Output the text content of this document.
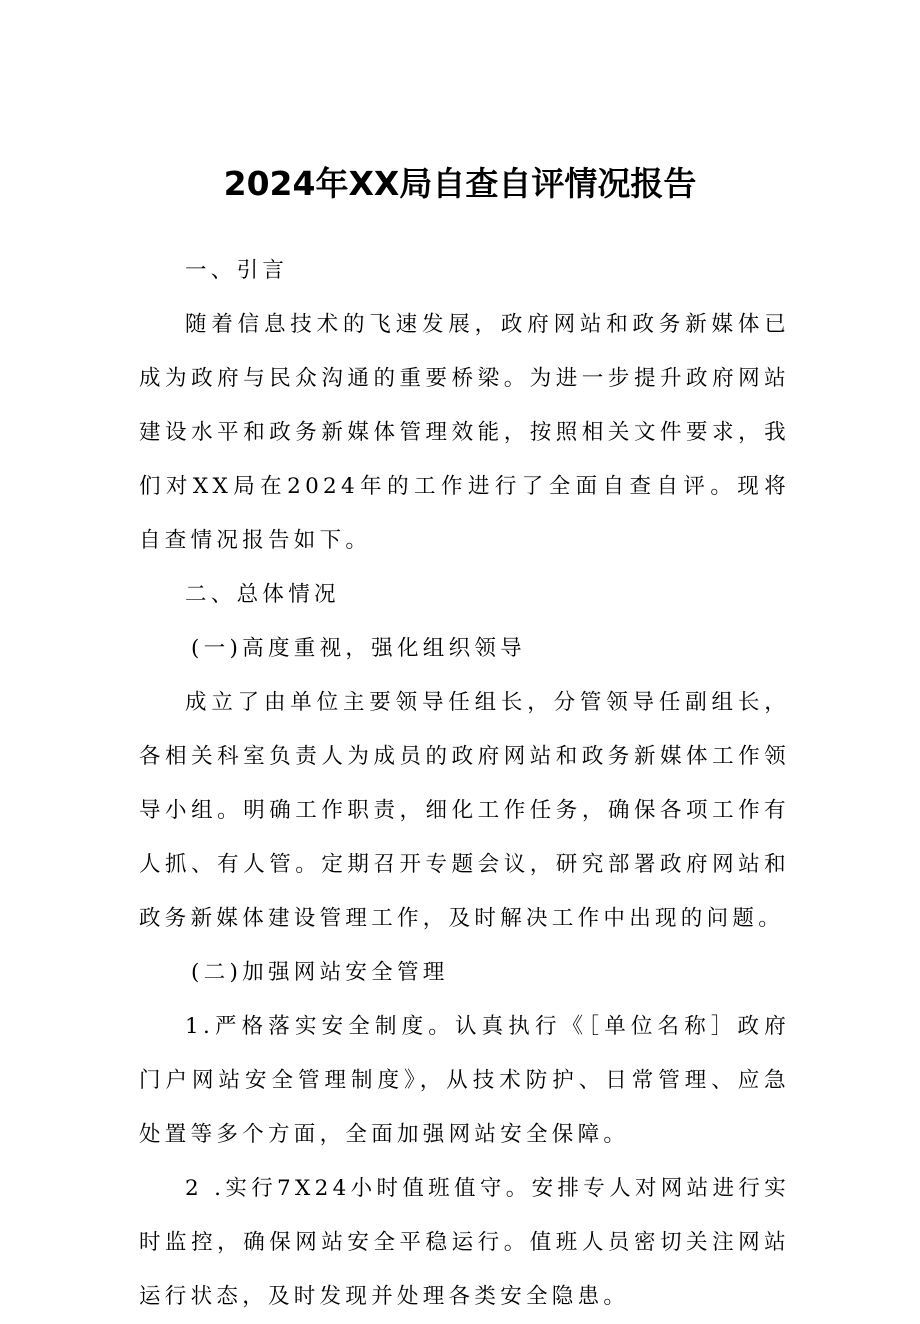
2024年XX局自查自评情况报告

一、引言

随着信息技术的飞速发展，政府网站和政务新媒体已成为政府与民众沟通的重要桥梁。为进一步提升政府网站建设水平和政务新媒体管理效能，按照相关文件要求，我们对XX局在2024年的工作进行了全面自查自评。现将自查情况报告如下。

二、总体情况

(一)高度重视，强化组织领导

成立了由单位主要领导任组长，分管领导任副组长，各相关科室负责人为成员的政府网站和政务新媒体工作领导小组。明确工作职责，细化工作任务，确保各项工作有人抓、有人管。定期召开专题会议，研究部署政府网站和政务新媒体建设管理工作，及时解决工作中出现的问题。

(二)加强网站安全管理

1.严格落实安全制度。认真执行《［单位名称］政府门户网站安全管理制度》，从技术防护、日常管理、应急处置等多个方面，全面加强网站安全保障。

2 .实行7X24小时值班值守。安排专人对网站进行实时监控，确保网站安全平稳运行。值班人员密切关注网站运行状态，及时发现并处理各类安全隐患。
